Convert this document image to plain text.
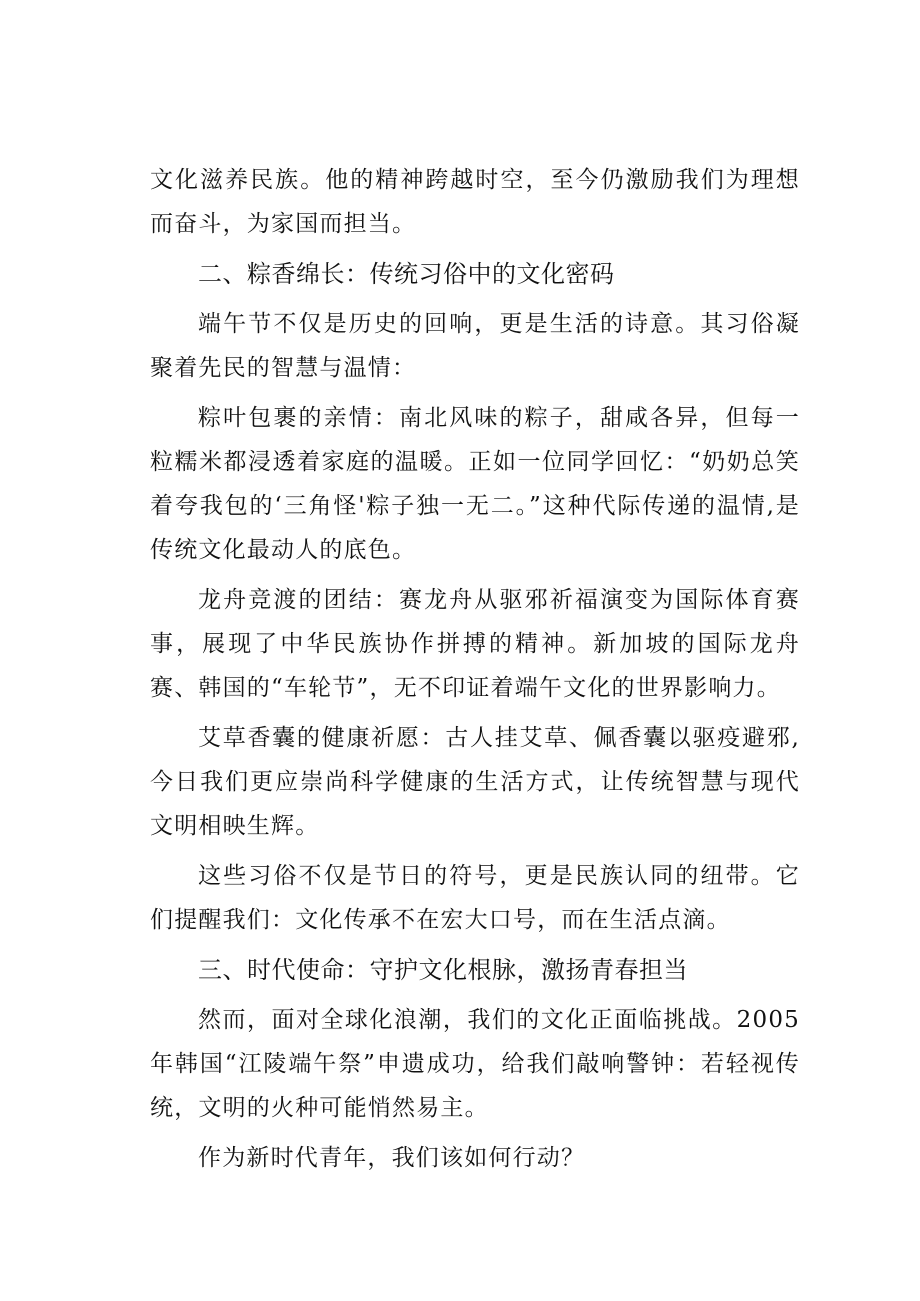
文化滋养民族。他的精神跨越时空，至今仍激励我们为理想而奋斗，为家国而担当。

二、粽香绵长：传统习俗中的文化密码

端午节不仅是历史的回响，更是生活的诗意。其习俗凝聚着先民的智慧与温情：

粽叶包裹的亲情：南北风味的粽子，甜咸各异，但每一粒糯米都浸透着家庭的温暖。正如一位同学回忆：“奶奶总笑着夸我包的‘三角怪'粽子独一无二。”这种代际传递的温情,是传统文化最动人的底色。

龙舟竞渡的团结：赛龙舟从驱邪祈福演变为国际体育赛事，展现了中华民族协作拼搏的精神。新加坡的国际龙舟赛、韩国的“车轮节”，无不印证着端午文化的世界影响力。

艾草香囊的健康祈愿：古人挂艾草、佩香囊以驱疫避邪,今日我们更应崇尚科学健康的生活方式，让传统智慧与现代文明相映生辉。

这些习俗不仅是节日的符号，更是民族认同的纽带。它们提醒我们：文化传承不在宏大口号，而在生活点滴。

三、时代使命：守护文化根脉，激扬青春担当

然而，面对全球化浪潮，我们的文化正面临挑战。2005年韩国“江陵端午祭”申遗成功，给我们敲响警钟：若轻视传统，文明的火种可能悄然易主。

作为新时代青年，我们该如何行动？
